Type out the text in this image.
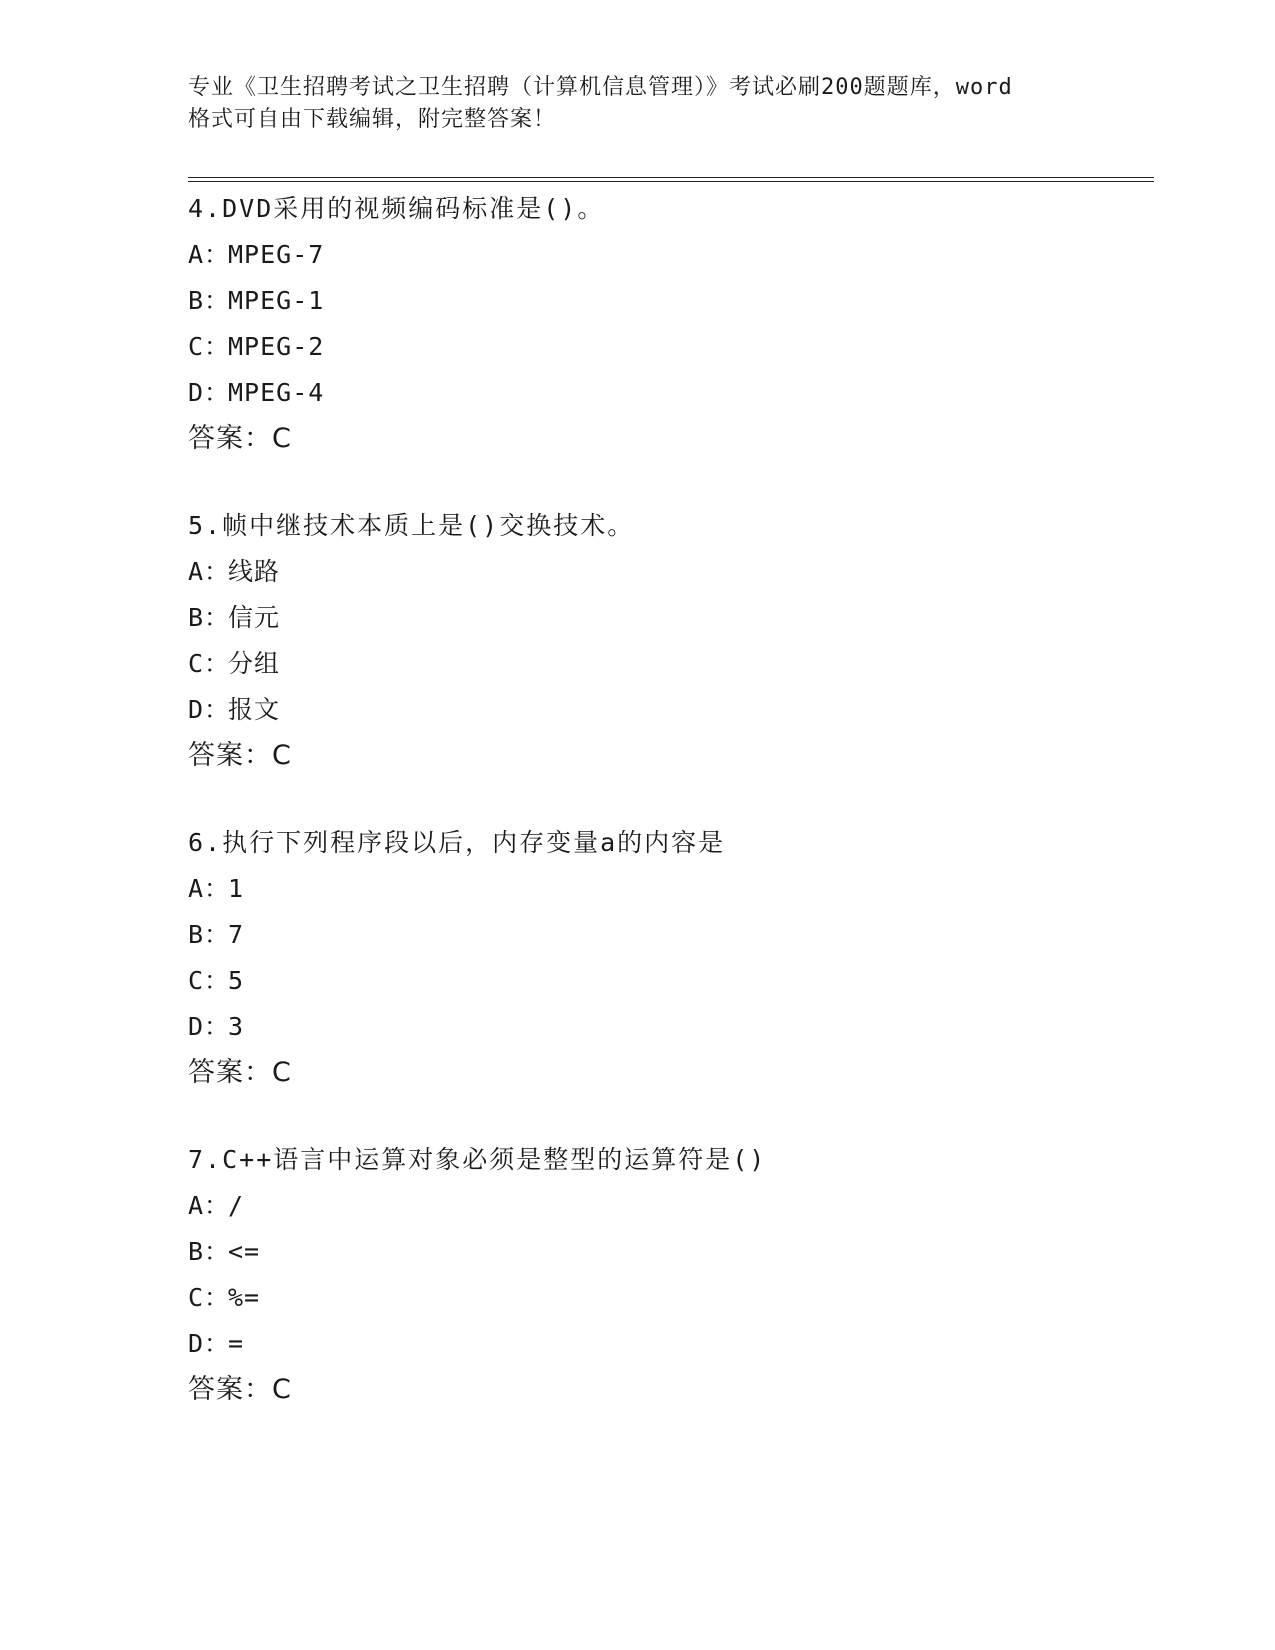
专业《卫生招聘考试之卫生招聘（计算机信息管理）》考试必刷200题题库，word
格式可自由下载编辑，附完整答案！
4.DVD采用的视频编码标准是()。
A：MPEG-7
B：MPEG-1
C：MPEG-2
D：MPEG-4
答案：C
5.帧中继技术本质上是()交换技术。
A：线路
B：信元
C：分组
D：报文
答案：C
6.执行下列程序段以后，内存变量a的内容是
A：1
B：7
C：5
D：3
答案：C
7.C++语言中运算对象必须是整型的运算符是()
A：/
B：<=
C：%=
D：=
答案：C
